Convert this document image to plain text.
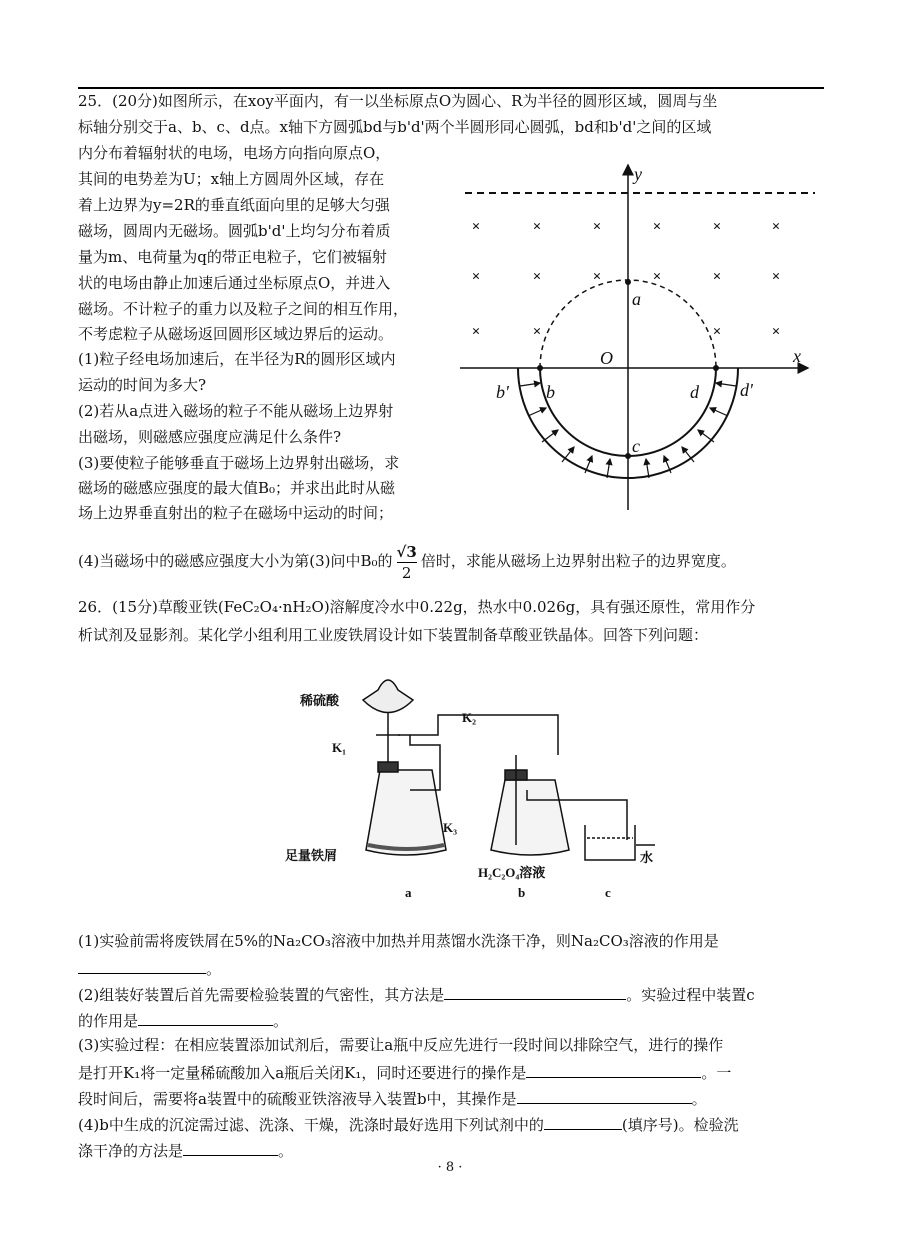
25．(20分)如图所示，在xoy平面内，有一以坐标原点O为圆心、R为半径的圆形区域，圆周与坐
标轴分别交于a、b、c、d点。x轴下方圆弧bd与b'd'两个半圆形同心圆弧，bd和b'd'之间的区域
内分布着辐射状的电场，电场方向指向原点O，
其间的电势差为U；x轴上方圆周外区域，存在
着上边界为y=2R的垂直纸面向里的足够大匀强
磁场，圆周内无磁场。圆弧b'd'上均匀分布着质
量为m、电荷量为q的带正电粒子，它们被辐射
状的电场由静止加速后通过坐标原点O，并进入
磁场。不计粒子的重力以及粒子之间的相互作用，
不考虑粒子从磁场返回圆形区域边界后的运动。
(1)粒子经电场加速后，在半径为R的圆形区域内
运动的时间为多大?
(2)若从a点进入磁场的粒子不能从磁场上边界射
出磁场，则磁感应强度应满足什么条件?
(3)要使粒子能够垂直于磁场上边界射出磁场，求
磁场的磁感应强度的最大值B₀；并求出此时从磁
场上边界垂直射出的粒子在磁场中运动的时间；
(4)当磁场中的磁感应强度大小为第(3)问中B₀的 $\frac{√3}{2}$ 倍时，求能从磁场上边界射出粒子的边界宽度。
×	×	×	×	×	×
×	×	×	×	×	×
×	×	×	×
y
x
O
a
b
c
d
b'	d'
26．(15分)草酸亚铁(FeC₂O₄·nH₂O)溶解度冷水中0.22g，热水中0.026g，具有强还原性，常用作分
析试剂及显影剂。某化学小组利用工业废铁屑设计如下装置制备草酸亚铁晶体。回答下列问题：
稀硫酸
K₁
K₂
K₃
足量铁屑
H₂C₂O₄溶液
水
a	b	c
(1)实验前需将废铁屑在5%的Na₂CO₃溶液中加热并用蒸馏水洗涤干净，则Na₂CO₃溶液的作用是
。
(2)组装好装置后首先需要检验装置的气密性，其方法是	。实验过程中装置c
的作用是	。
(3)实验过程：在相应装置添加试剂后，需要让a瓶中反应先进行一段时间以排除空气，进行的操作
是打开K₁将一定量稀硫酸加入a瓶后关闭K₁，同时还要进行的操作是	。一
段时间后，需要将a装置中的硫酸亚铁溶液导入装置b中，其操作是	。
(4)b中生成的沉淀需过滤、洗涤、干燥，洗涤时最好选用下列试剂中的	(填序号)。检验洗
涤干净的方法是	。
· 8 ·
